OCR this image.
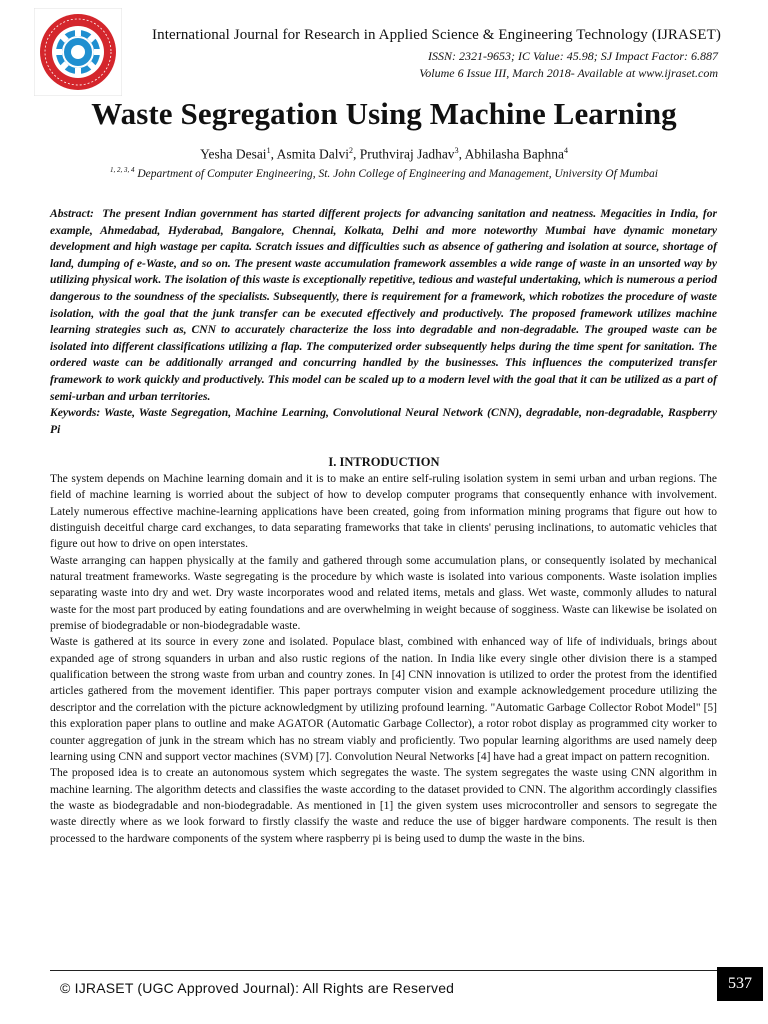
International Journal for Research in Applied Science & Engineering Technology (IJRASET)
ISSN: 2321-9653; IC Value: 45.98; SJ Impact Factor: 6.887
Volume 6 Issue III, March 2018- Available at www.ijraset.com
Waste Segregation Using Machine Learning
Yesha Desai$^1$, Asmita Dalvi$^2$, Pruthviraj Jadhav$^3$, Abhilasha Baphna$^4$
$^{1, 2, 3, 4}$ Department of Computer Engineering, St. John College of Engineering and Management, University Of Mumbai

Abstract: The present Indian government has started different projects for advancing sanitation and neatness. Megacities in India, for example, Ahmedabad, Hyderabad, Bangalore, Chennai, Kolkata, Delhi and more noteworthy Mumbai have dynamic monetary development and high wastage per capita. Scratch issues and difficulties such as absence of gathering and isolation at source, shortage of land, dumping of e-Waste, and so on. The present waste accumulation framework assembles a wide range of waste in an unsorted way by utilizing physical work. The isolation of this waste is exceptionally repetitive, tedious and wasteful undertaking, which is numerous a period dangerous to the soundness of the specialists. Subsequently, there is requirement for a framework, which robotizes the procedure of waste isolation, with the goal that the junk transfer can be executed effectively and productively. The proposed framework utilizes machine learning strategies such as, CNN to accurately characterize the loss into degradable and non-degradable. The grouped waste can be isolated into different classifications utilizing a flap. The computerized order subsequently helps during the time spent for sanitation. The ordered waste can be additionally arranged and concurring handled by the businesses. This influences the computerized transfer framework to work quickly and productively. This model can be scaled up to a modern level with the goal that it can be utilized as a part of semi-urban and urban territories.
Keywords: Waste, Waste Segregation, Machine Learning, Convolutional Neural Network (CNN), degradable, non-degradable, Raspberry Pi

I. INTRODUCTION

The system depends on Machine learning domain and it is to make an entire self-ruling isolation system in semi urban and urban regions. The field of machine learning is worried about the subject of how to develop computer programs that consequently enhance with involvement. Lately numerous effective machine-learning applications have been created, going from information mining programs that figure out how to distinguish deceitful charge card exchanges, to data separating frameworks that take in clients' perusing inclinations, to automatic vehicles that figure out how to drive on open interstates.

Waste arranging can happen physically at the family and gathered through some accumulation plans, or consequently isolated by mechanical natural treatment frameworks. Waste segregating is the procedure by which waste is isolated into various components. Waste isolation implies separating waste into dry and wet. Dry waste incorporates wood and related items, metals and glass. Wet waste, commonly alludes to natural waste for the most part produced by eating foundations and are overwhelming in weight because of sogginess. Waste can likewise be isolated on premise of biodegradable or non-biodegradable waste.

Waste is gathered at its source in every zone and isolated. Populace blast, combined with enhanced way of life of individuals, brings about expanded age of strong squanders in urban and also rustic regions of the nation. In India like every single other division there is a stamped qualification between the strong waste from urban and country zones. In [4] CNN innovation is utilized to order the protest from the identified articles gathered from the movement identifier. This paper portrays computer vision and example acknowledgement procedure utilizing the descriptor and the correlation with the picture acknowledgment by utilizing profound learning. "Automatic Garbage Collector Robot Model" [5] this exploration paper plans to outline and make AGATOR (Automatic Garbage Collector), a rotor robot display as programmed city worker to counter aggregation of junk in the stream which has no stream viably and proficiently. Two popular learning algorithms are used namely deep learning using CNN and support vector machines (SVM) [7]. Convolution Neural Networks [4] have had a great impact on pattern recognition.

The proposed idea is to create an autonomous system which segregates the waste. The system segregates the waste using CNN algorithm in machine learning. The algorithm detects and classifies the waste according to the dataset provided to CNN. The algorithm accordingly classifies the waste as biodegradable and non-biodegradable. As mentioned in [1] the given system uses microcontroller and sensors to segregate the waste directly where as we look forward to firstly classify the waste and reduce the use of bigger hardware components. The result is then processed to the hardware components of the system where raspberry pi is being used to dump the waste in the bins.

© IJRASET (UGC Approved Journal): All Rights are Reserved	537
